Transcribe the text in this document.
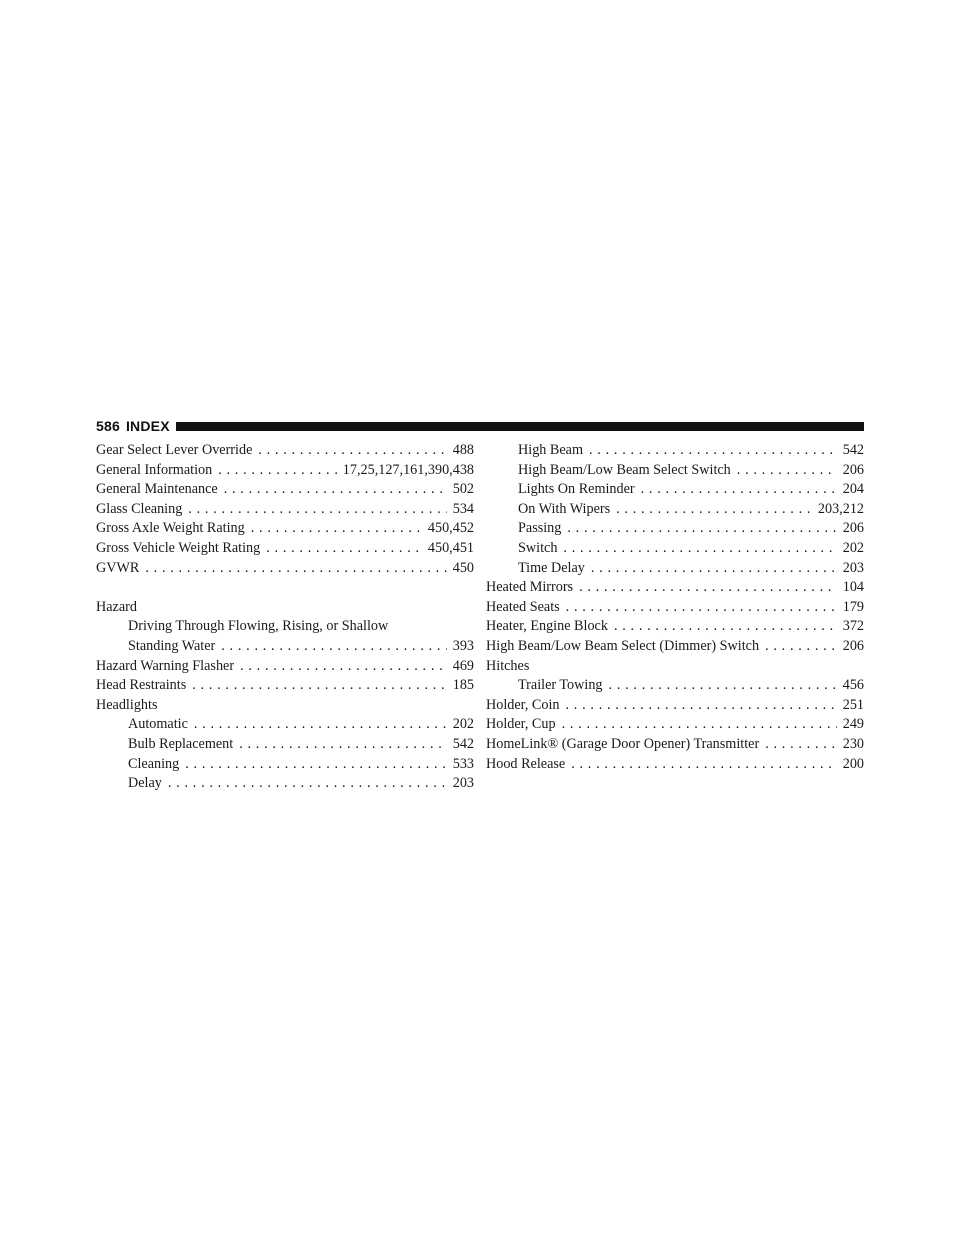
586 INDEX
Gear Select Lever Override . . .	488
General Information . . .	17,25,127,161,390,438
General Maintenance . . .	502
Glass Cleaning . . .	534
Gross Axle Weight Rating . . .	450,452
Gross Vehicle Weight Rating . . .	450,451
GVWR . . .	450
Hazard
Driving Through Flowing, Rising, or Shallow
Standing Water . . .	393
Hazard Warning Flasher . . .	469
Head Restraints . . .	185
Headlights
Automatic . . .	202
Bulb Replacement . . .	542
Cleaning . . .	533
Delay . . .	203
High Beam . . .	542
High Beam/Low Beam Select Switch . . .	206
Lights On Reminder . . .	204
On With Wipers . . .	203,212
Passing . . .	206
Switch . . .	202
Time Delay . . .	203
Heated Mirrors . . .	104
Heated Seats . . .	179
Heater, Engine Block . . .	372
High Beam/Low Beam Select (Dimmer) Switch . . .	206
Hitches
Trailer Towing . . .	456
Holder, Coin . . .	251
Holder, Cup . . .	249
HomeLink® (Garage Door Opener) Transmitter . . .	230
Hood Release . . .	200
